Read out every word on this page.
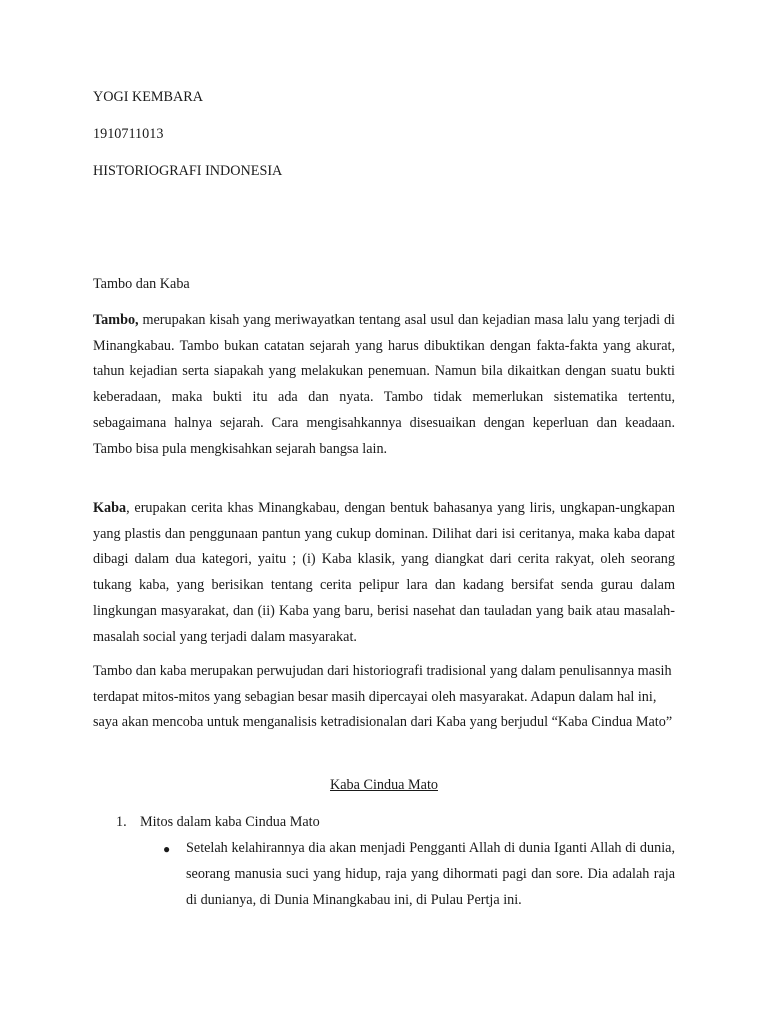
YOGI KEMBARA

1910711013

HISTORIOGRAFI INDONESIA

Tambo dan Kaba

Tambo, merupakan kisah yang meriwayatkan tentang asal usul dan kejadian masa lalu yang terjadi di Minangkabau. Tambo bukan catatan sejarah yang harus dibuktikan dengan fakta-fakta yang akurat, tahun kejadian serta siapakah yang melakukan penemuan. Namun bila dikaitkan dengan suatu bukti keberadaan, maka bukti itu ada dan nyata. Tambo tidak memerlukan sistematika tertentu, sebagaimana halnya sejarah. Cara mengisahkannya disesuaikan dengan keperluan dan keadaan. Tambo bisa pula mengkisahkan sejarah bangsa lain.

Kaba, erupakan cerita khas Minangkabau, dengan bentuk bahasanya yang liris, ungkapan-ungkapan yang plastis dan penggunaan pantun yang cukup dominan. Dilihat dari isi ceritanya, maka kaba dapat dibagi dalam dua kategori, yaitu ; (i) Kaba klasik, yang diangkat dari cerita rakyat, oleh seorang tukang kaba, yang berisikan tentang cerita pelipur lara dan kadang bersifat senda gurau dalam lingkungan masyarakat, dan (ii) Kaba yang baru, berisi nasehat dan tauladan yang baik atau masalah-masalah social yang terjadi dalam masyarakat.

Tambo dan kaba merupakan perwujudan dari historiografi tradisional yang dalam penulisannya masih terdapat mitos-mitos yang sebagian besar masih dipercayai oleh masyarakat. Adapun dalam hal ini, saya akan mencoba untuk menganalisis ketradisionalan dari Kaba yang berjudul “Kaba Cindua Mato”

Kaba Cindua Mato

1. Mitos dalam kaba Cindua Mato
● Setelah kelahirannya dia akan menjadi Pengganti Allah di dunia Iganti Allah di dunia, seorang manusia suci yang hidup, raja yang dihormati pagi dan sore. Dia adalah raja di dunianya, di Dunia Minangkabau ini, di Pulau Pertja ini.
